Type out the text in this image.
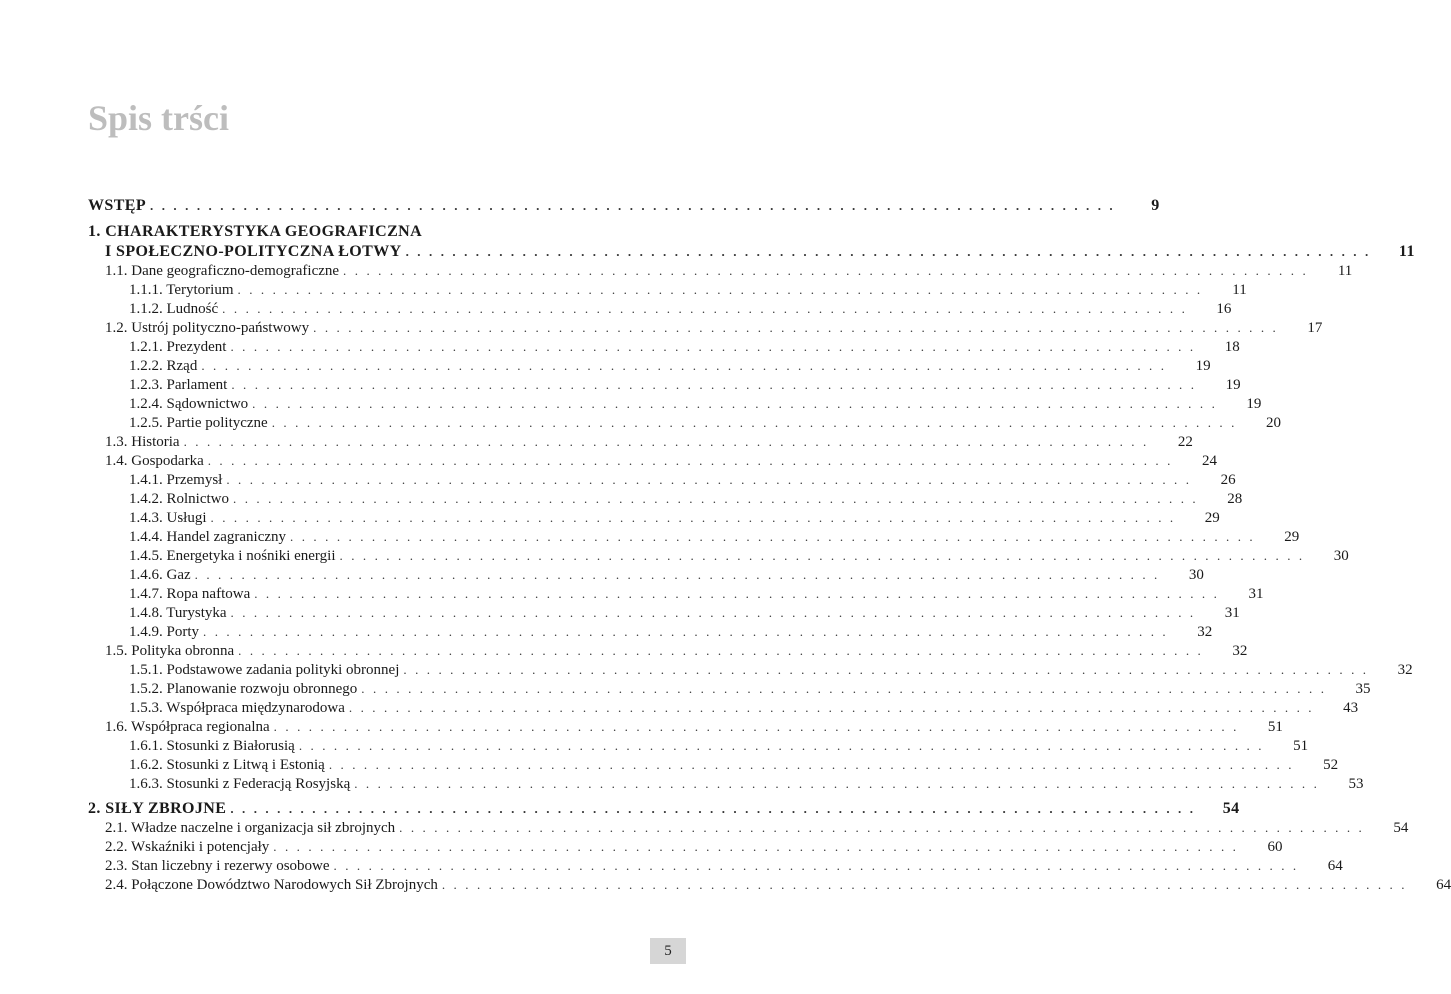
Spis trści
WSTĘP . . . . . . . . . . . . . . . . . . . . . . . . . . . . . . . . . . . . . . . . . . . . . . . . . . . . . . . . . . . . . . . . . . . . . . . . . . . . . . . . . . .	9
1. CHARAKTERYSTYKA GEOGRAFICZNA
I SPOŁECZNO-POLITYCZNA ŁOTWY . . . . . . . . . . . . . . . . . . . . . . . . . . . . . . . . . . . . . . . . . . . . . . . . . . . . . . . . . . . . . . . . . . . . . . . . . . . . . . . . . . .	11
1.1. Dane geograficzno-demograficzne . . . . . . . . . . . . . . . . . . . . . . . . . . . . . . . . . . . . . . . . . . . . . . . . . . . . . . . . . . . . . . . . . . . . . . . . . . . . . . . . . . .	11
1.1.1. Terytorium . . . . . . . . . . . . . . . . . . . . . . . . . . . . . . . . . . . . . . . . . . . . . . . . . . . . . . . . . . . . . . . . . . . . . . . . . . . . . . . . . . .	11
1.1.2. Ludność . . . . . . . . . . . . . . . . . . . . . . . . . . . . . . . . . . . . . . . . . . . . . . . . . . . . . . . . . . . . . . . . . . . . . . . . . . . . . . . . . . .	16
1.2. Ustrój polityczno-państwowy . . . . . . . . . . . . . . . . . . . . . . . . . . . . . . . . . . . . . . . . . . . . . . . . . . . . . . . . . . . . . . . . . . . . . . . . . . . . . . . . . . .	17
1.2.1. Prezydent . . . . . . . . . . . . . . . . . . . . . . . . . . . . . . . . . . . . . . . . . . . . . . . . . . . . . . . . . . . . . . . . . . . . . . . . . . . . . . . . . . .	18
1.2.2. Rząd . . . . . . . . . . . . . . . . . . . . . . . . . . . . . . . . . . . . . . . . . . . . . . . . . . . . . . . . . . . . . . . . . . . . . . . . . . . . . . . . . . .	19
1.2.3. Parlament . . . . . . . . . . . . . . . . . . . . . . . . . . . . . . . . . . . . . . . . . . . . . . . . . . . . . . . . . . . . . . . . . . . . . . . . . . . . . . . . . . .	19
1.2.4. Sądownictwo . . . . . . . . . . . . . . . . . . . . . . . . . . . . . . . . . . . . . . . . . . . . . . . . . . . . . . . . . . . . . . . . . . . . . . . . . . . . . . . . . . .	19
1.2.5. Partie polityczne . . . . . . . . . . . . . . . . . . . . . . . . . . . . . . . . . . . . . . . . . . . . . . . . . . . . . . . . . . . . . . . . . . . . . . . . . . . . . . . . . . .	20
1.3. Historia . . . . . . . . . . . . . . . . . . . . . . . . . . . . . . . . . . . . . . . . . . . . . . . . . . . . . . . . . . . . . . . . . . . . . . . . . . . . . . . . . . .	22
1.4. Gospodarka . . . . . . . . . . . . . . . . . . . . . . . . . . . . . . . . . . . . . . . . . . . . . . . . . . . . . . . . . . . . . . . . . . . . . . . . . . . . . . . . . . .	24
1.4.1. Przemysł . . . . . . . . . . . . . . . . . . . . . . . . . . . . . . . . . . . . . . . . . . . . . . . . . . . . . . . . . . . . . . . . . . . . . . . . . . . . . . . . . . .	26
1.4.2. Rolnictwo . . . . . . . . . . . . . . . . . . . . . . . . . . . . . . . . . . . . . . . . . . . . . . . . . . . . . . . . . . . . . . . . . . . . . . . . . . . . . . . . . . .	28
1.4.3. Usługi . . . . . . . . . . . . . . . . . . . . . . . . . . . . . . . . . . . . . . . . . . . . . . . . . . . . . . . . . . . . . . . . . . . . . . . . . . . . . . . . . . .	29
1.4.4. Handel zagraniczny . . . . . . . . . . . . . . . . . . . . . . . . . . . . . . . . . . . . . . . . . . . . . . . . . . . . . . . . . . . . . . . . . . . . . . . . . . . . . . . . . . .	29
1.4.5. Energetyka i nośniki energii . . . . . . . . . . . . . . . . . . . . . . . . . . . . . . . . . . . . . . . . . . . . . . . . . . . . . . . . . . . . . . . . . . . . . . . . . . . . . . . . . . .	30
1.4.6. Gaz . . . . . . . . . . . . . . . . . . . . . . . . . . . . . . . . . . . . . . . . . . . . . . . . . . . . . . . . . . . . . . . . . . . . . . . . . . . . . . . . . . .	30
1.4.7. Ropa naftowa . . . . . . . . . . . . . . . . . . . . . . . . . . . . . . . . . . . . . . . . . . . . . . . . . . . . . . . . . . . . . . . . . . . . . . . . . . . . . . . . . . .	31
1.4.8. Turystyka . . . . . . . . . . . . . . . . . . . . . . . . . . . . . . . . . . . . . . . . . . . . . . . . . . . . . . . . . . . . . . . . . . . . . . . . . . . . . . . . . . .	31
1.4.9. Porty . . . . . . . . . . . . . . . . . . . . . . . . . . . . . . . . . . . . . . . . . . . . . . . . . . . . . . . . . . . . . . . . . . . . . . . . . . . . . . . . . . .	32
1.5. Polityka obronna . . . . . . . . . . . . . . . . . . . . . . . . . . . . . . . . . . . . . . . . . . . . . . . . . . . . . . . . . . . . . . . . . . . . . . . . . . . . . . . . . . .	32
1.5.1. Podstawowe zadania polityki obronnej . . . . . . . . . . . . . . . . . . . . . . . . . . . . . . . . . . . . . . . . . . . . . . . . . . . . . . . . . . . . . . . . . . . . . . . . . . . . . . . . . . .	32
1.5.2. Planowanie rozwoju obronnego . . . . . . . . . . . . . . . . . . . . . . . . . . . . . . . . . . . . . . . . . . . . . . . . . . . . . . . . . . . . . . . . . . . . . . . . . . . . . . . . . . .	35
1.5.3. Współpraca międzynarodowa . . . . . . . . . . . . . . . . . . . . . . . . . . . . . . . . . . . . . . . . . . . . . . . . . . . . . . . . . . . . . . . . . . . . . . . . . . . . . . . . . . .	43
1.6. Współpraca regionalna . . . . . . . . . . . . . . . . . . . . . . . . . . . . . . . . . . . . . . . . . . . . . . . . . . . . . . . . . . . . . . . . . . . . . . . . . . . . . . . . . . .	51
1.6.1. Stosunki z Białorusią . . . . . . . . . . . . . . . . . . . . . . . . . . . . . . . . . . . . . . . . . . . . . . . . . . . . . . . . . . . . . . . . . . . . . . . . . . . . . . . . . . .	51
1.6.2. Stosunki z Litwą i Estonią . . . . . . . . . . . . . . . . . . . . . . . . . . . . . . . . . . . . . . . . . . . . . . . . . . . . . . . . . . . . . . . . . . . . . . . . . . . . . . . . . . .	52
1.6.3. Stosunki z Federacją Rosyjską . . . . . . . . . . . . . . . . . . . . . . . . . . . . . . . . . . . . . . . . . . . . . . . . . . . . . . . . . . . . . . . . . . . . . . . . . . . . . . . . . . .	53
2. SIŁY ZBROJNE . . . . . . . . . . . . . . . . . . . . . . . . . . . . . . . . . . . . . . . . . . . . . . . . . . . . . . . . . . . . . . . . . . . . . . . . . . . . . . . . . . .	54
2.1. Władze naczelne i organizacja sił zbrojnych . . . . . . . . . . . . . . . . . . . . . . . . . . . . . . . . . . . . . . . . . . . . . . . . . . . . . . . . . . . . . . . . . . . . . . . . . . . . . . . . . . .	54
2.2. Wskaźniki i potencjały . . . . . . . . . . . . . . . . . . . . . . . . . . . . . . . . . . . . . . . . . . . . . . . . . . . . . . . . . . . . . . . . . . . . . . . . . . . . . . . . . . .	60
2.3. Stan liczebny i rezerwy osobowe . . . . . . . . . . . . . . . . . . . . . . . . . . . . . . . . . . . . . . . . . . . . . . . . . . . . . . . . . . . . . . . . . . . . . . . . . . . . . . . . . . .	64
2.4. Połączone Dowództwo Narodowych Sił Zbrojnych . . . . . . . . . . . . . . . . . . . . . . . . . . . . . . . . . . . . . . . . . . . . . . . . . . . . . . . . . . . . . . . . . . . . . . . . . . . . . . . . . . .	64
5
